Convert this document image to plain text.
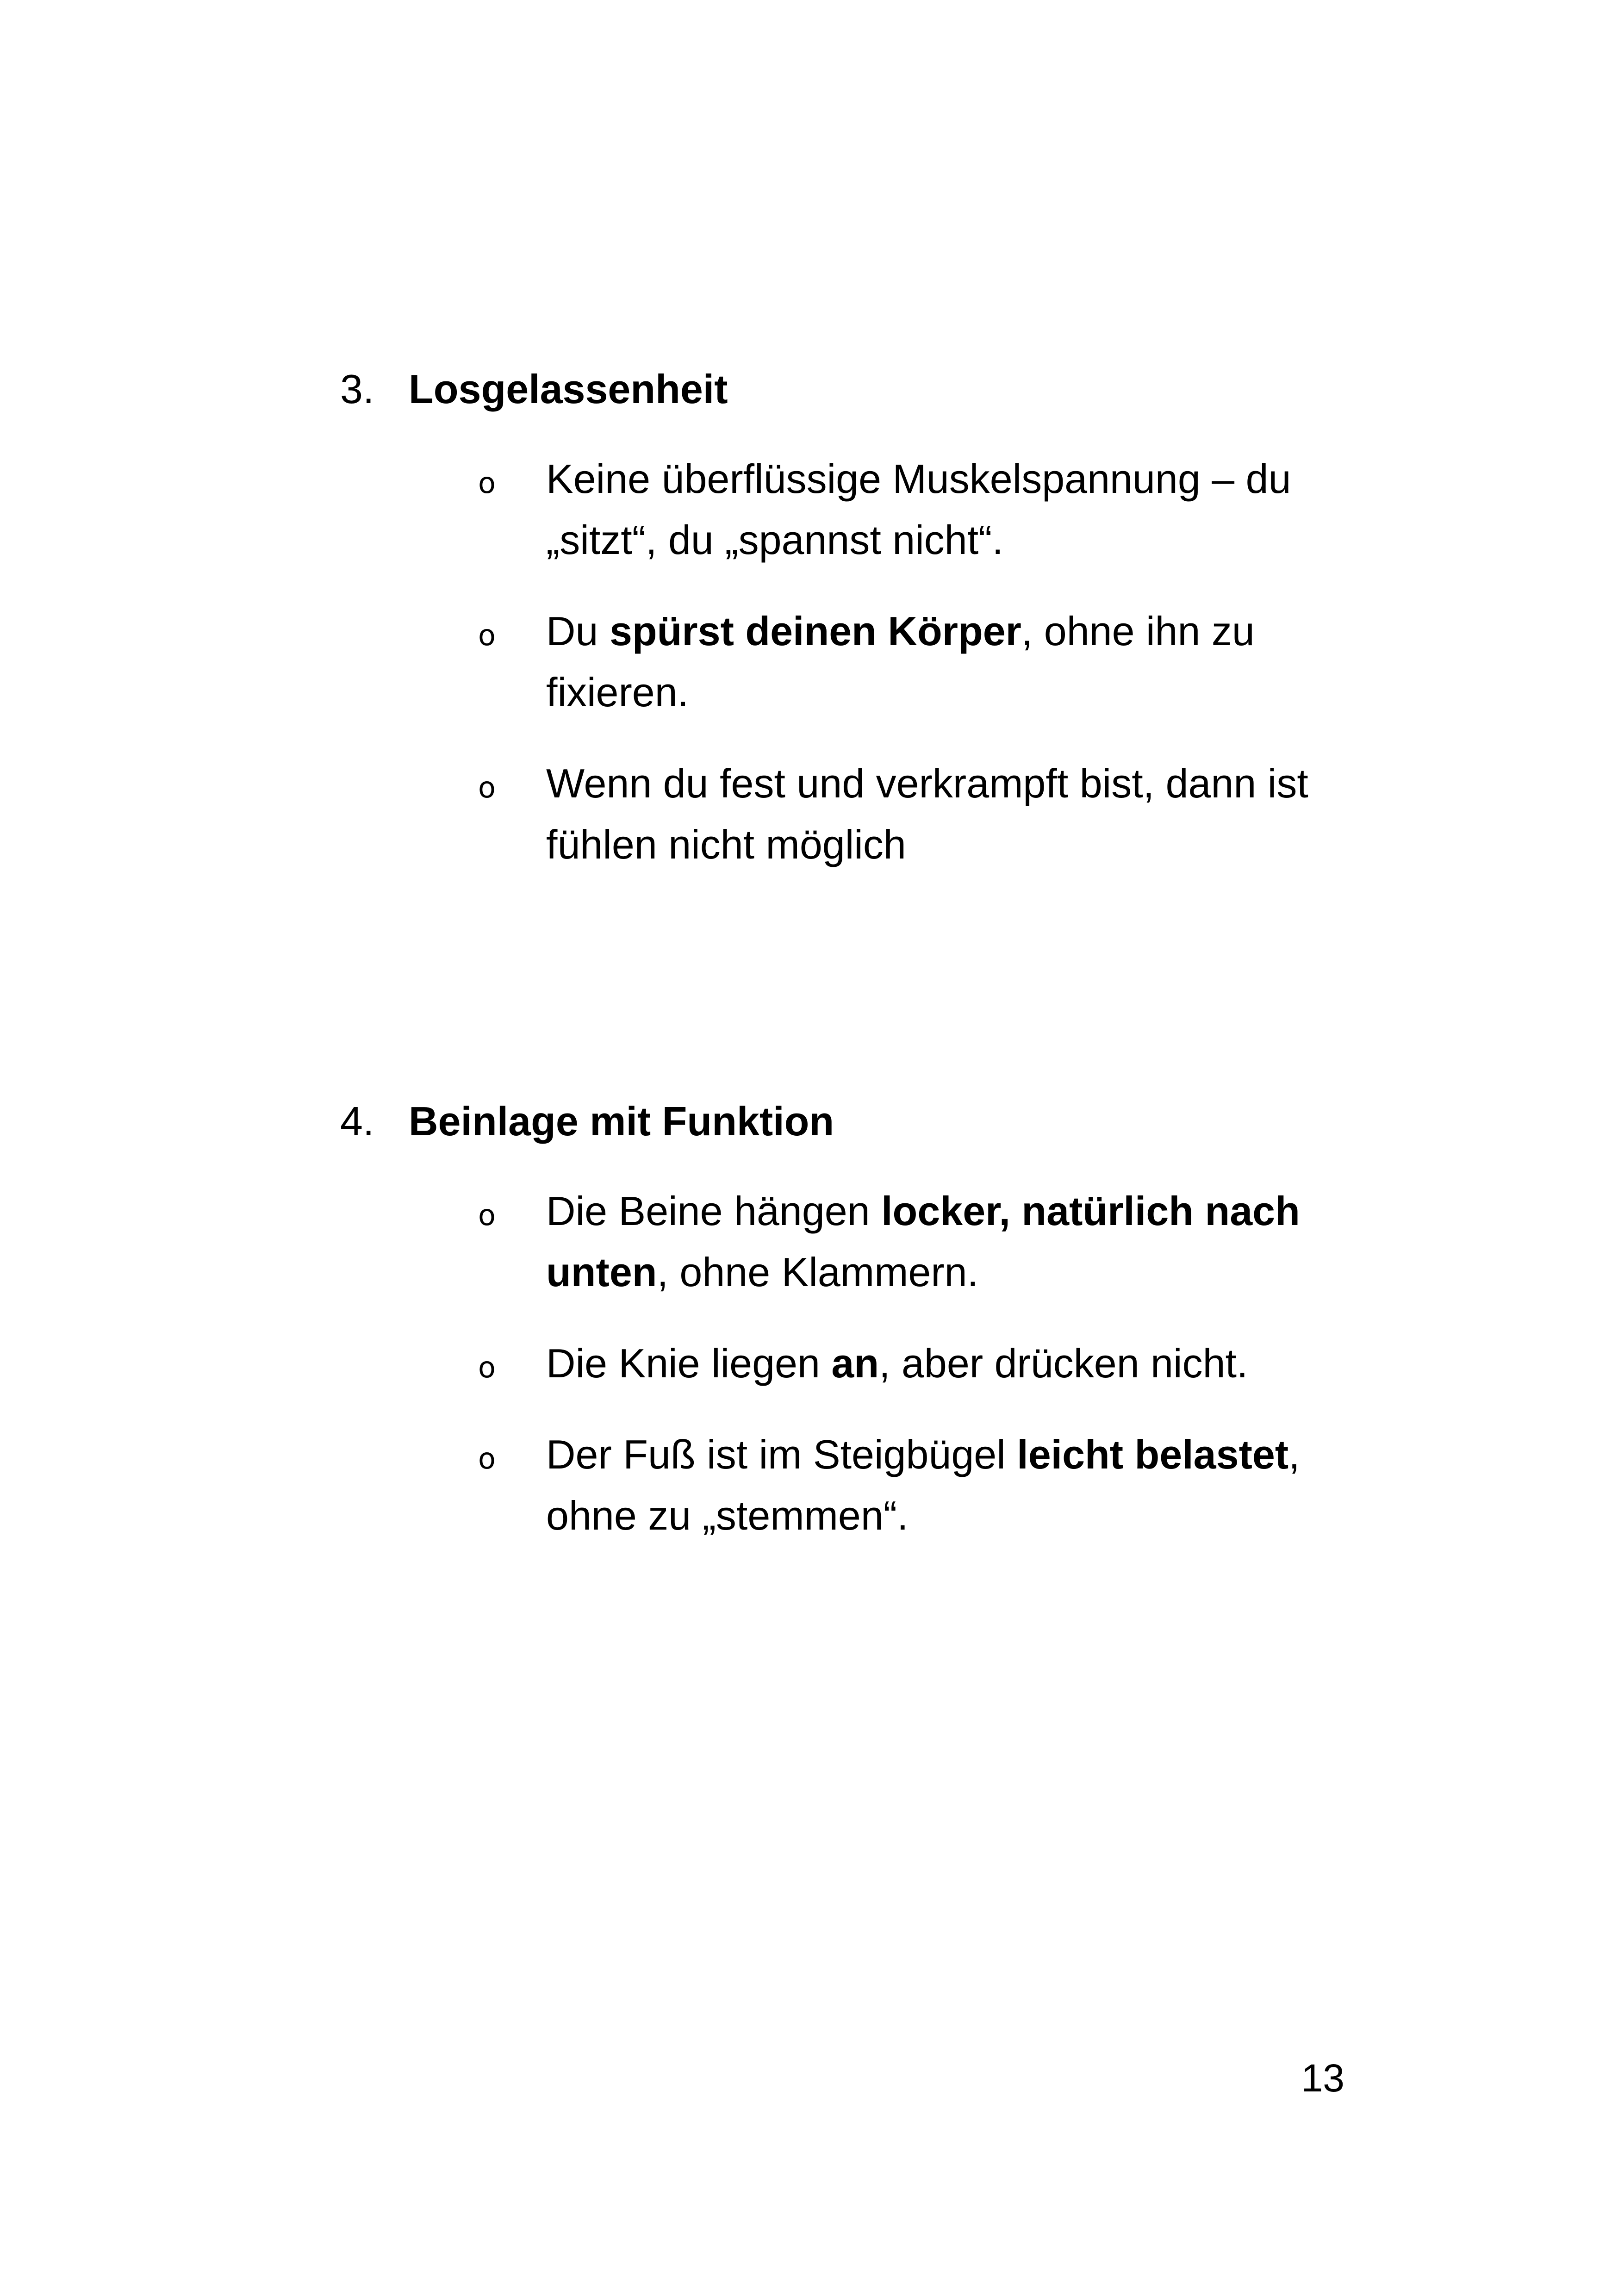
3. Losgelassenheit
o Keine überflüssige Muskelspannung – du „sitzt“, du „spannst nicht“.
o Du spürst deinen Körper, ohne ihn zu fixieren.
o Wenn du fest und verkrampft bist, dann ist fühlen nicht möglich
4. Beinlage mit Funktion
o Die Beine hängen locker, natürlich nach unten, ohne Klammern.
o Die Knie liegen an, aber drücken nicht.
o Der Fuß ist im Steigbügel leicht belastet, ohne zu „stemmen“.
13
